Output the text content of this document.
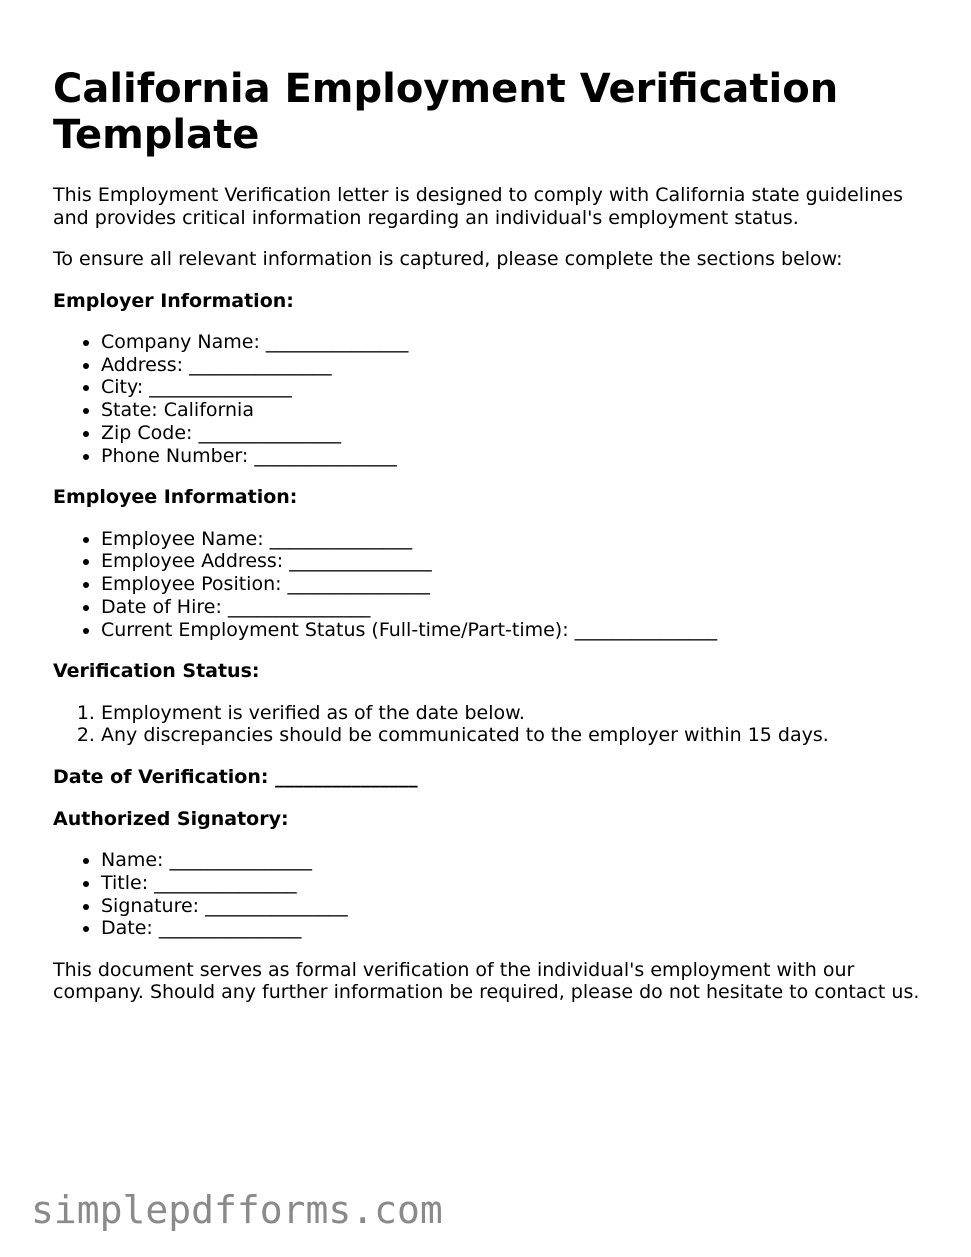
California Employment Verification Template

This Employment Verification letter is designed to comply with California state guidelines and provides critical information regarding an individual's employment status.

To ensure all relevant information is captured, please complete the sections below:

Employer Information:
• Company Name: _______________
• Address: _______________
• City: _______________
• State: California
• Zip Code: _______________
• Phone Number: _______________
Employee Information:
• Employee Name: _______________
• Employee Address: _______________
• Employee Position: _______________
• Date of Hire: _______________
• Current Employment Status (Full-time/Part-time): _______________
Verification Status:
1. Employment is verified as of the date below.
2. Any discrepancies should be communicated to the employer within 15 days.
Date of Verification: _______________
Authorized Signatory:
• Name: _______________
• Title: _______________
• Signature: _______________
• Date: _______________

This document serves as formal verification of the individual's employment with our company. Should any further information be required, please do not hesitate to contact us.

simplepdfforms.com
